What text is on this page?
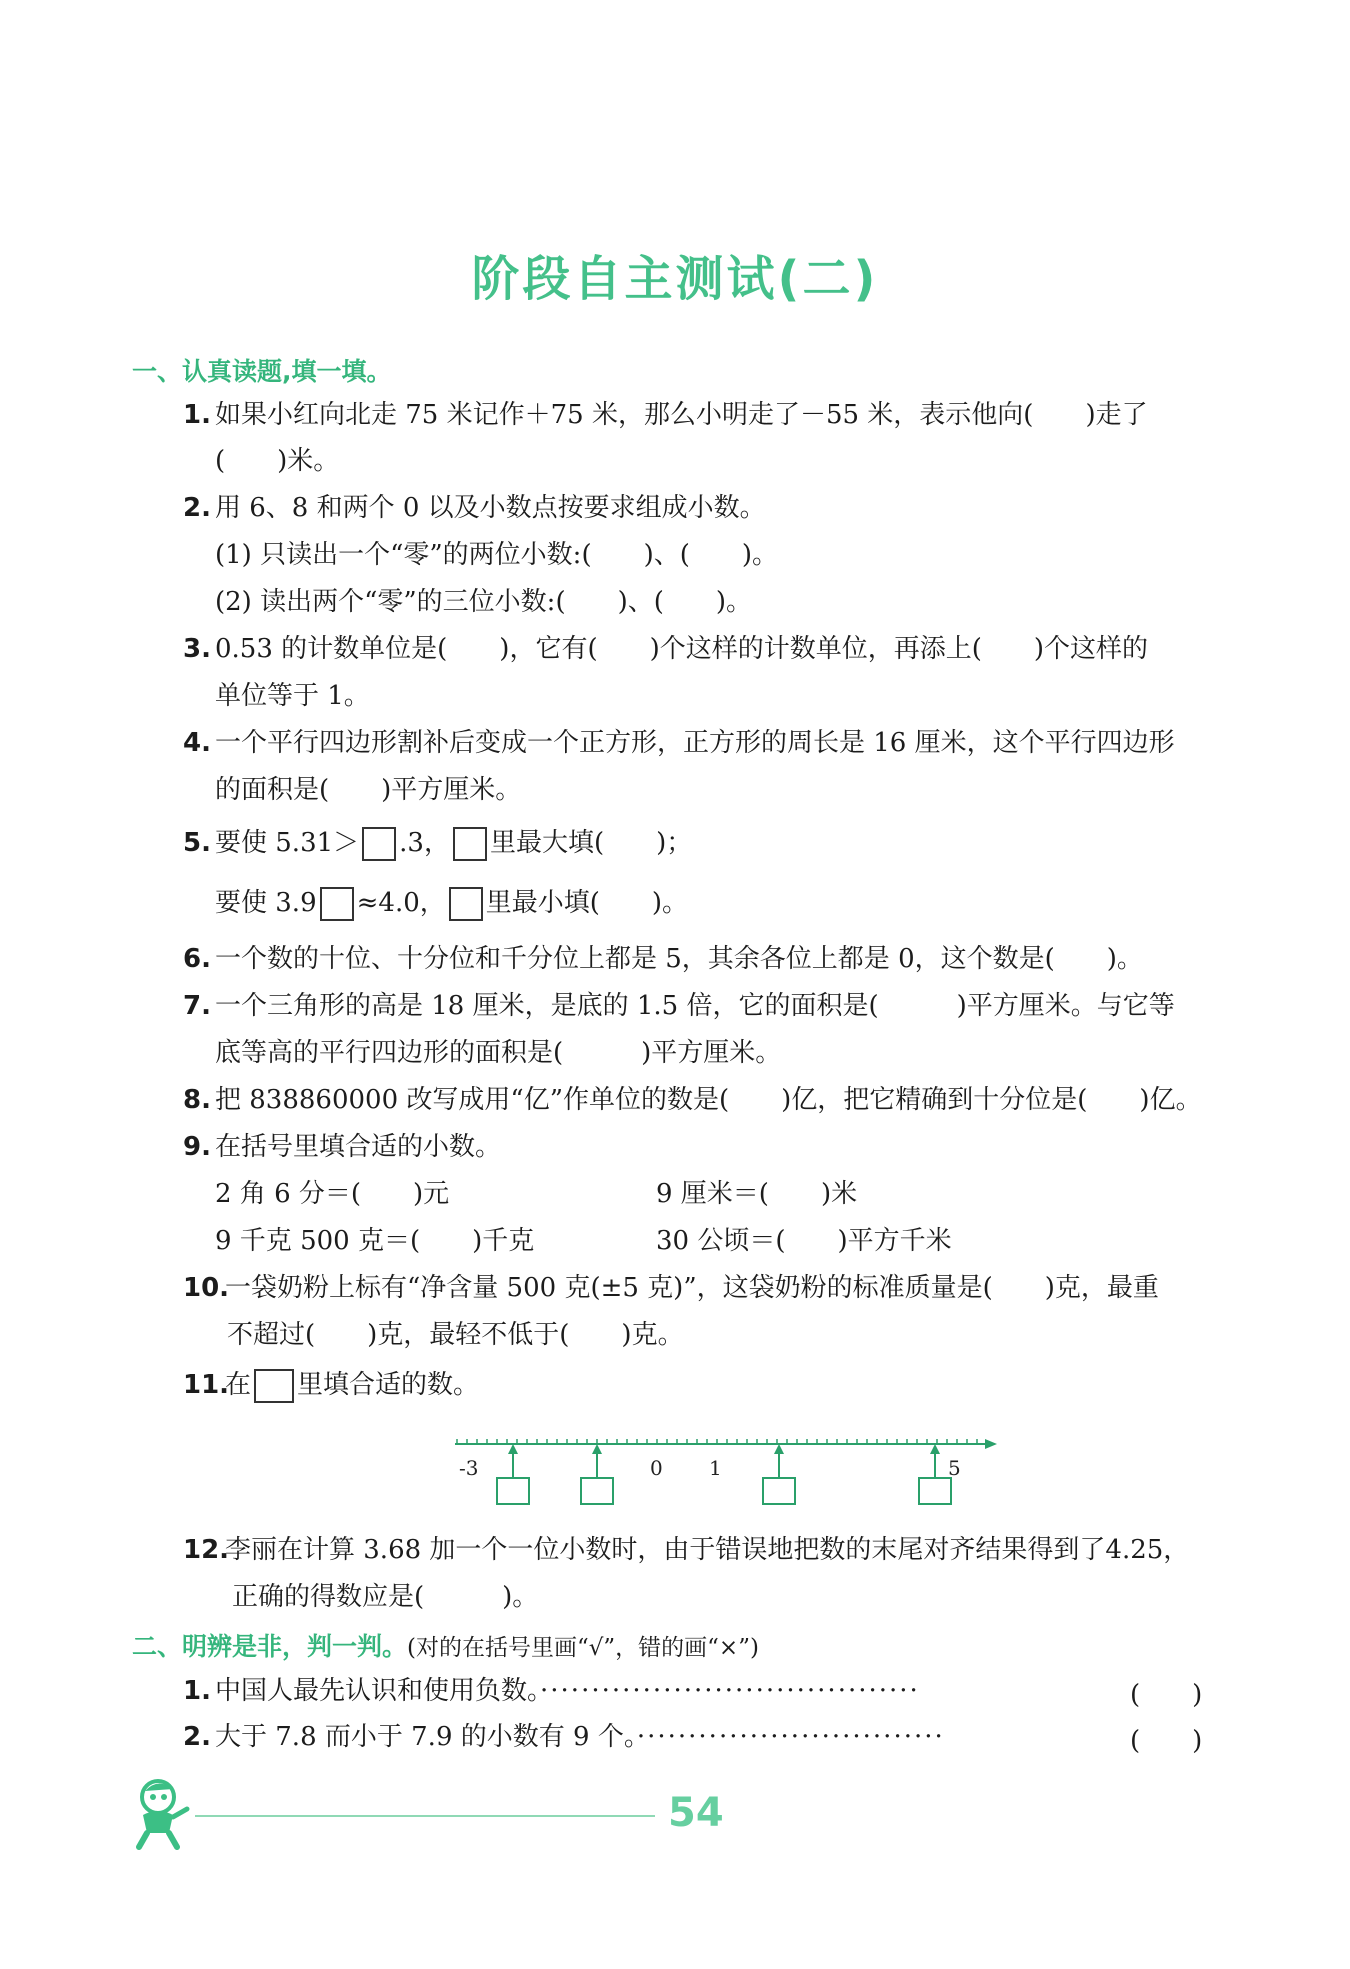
阶段自主测试(二)
一、认真读题,填一填。
1. 如果小红向北走 75 米记作＋75 米，那么小明走了－55 米，表示他向(　　)走了
(　　)米。
2. 用 6、8 和两个 0 以及小数点按要求组成小数。
(1) 只读出一个“零”的两位小数:(　　)、(　　)。
(2) 读出两个“零”的三位小数:(　　)、(　　)。
3. 0.53 的计数单位是(　　)，它有(　　)个这样的计数单位，再添上(　　)个这样的
单位等于 1。
4. 一个平行四边形割补后变成一个正方形，正方形的周长是 16 厘米，这个平行四边形
的面积是(　　)平方厘米。
5. 要使 5.31＞ .3， 里最大填(　　)；
要使 3.9 ≈4.0， 里最小填(　　)。
6. 一个数的十位、十分位和千分位上都是 5，其余各位上都是 0，这个数是(　　)。
7. 一个三角形的高是 18 厘米，是底的 1.5 倍，它的面积是(　　　)平方厘米。与它等
底等高的平行四边形的面积是(　　　)平方厘米。
8. 把 838860000 改写成用“亿”作单位的数是(　　)亿，把它精确到十分位是(　　)亿。
9. 在括号里填合适的小数。
2 角 6 分＝(　　)元	9 厘米＝(　　)米
9 千克 500 克＝(　　)千克	30 公顷＝(　　)平方千米
10.一袋奶粉上标有“净含量 500 克(±5 克)”，这袋奶粉的标准质量是(　　)克，最重
不超过(　　)克，最轻不低于(　　)克。
11.在 里填合适的数。
-3	0 1	5
12.李丽在计算 3.68 加一个一位小数时，由于错误地把数的末尾对齐结果得到了4.25，
正确的得数应是(　　　)。
二、明辨是非，判一判。(对的在括号里画“√”，错的画“×”)
1. 中国人最先认识和使用负数。·····································	(　　)
2. 大于 7.8 而小于 7.9 的小数有 9 个。······························	(　　)
54
